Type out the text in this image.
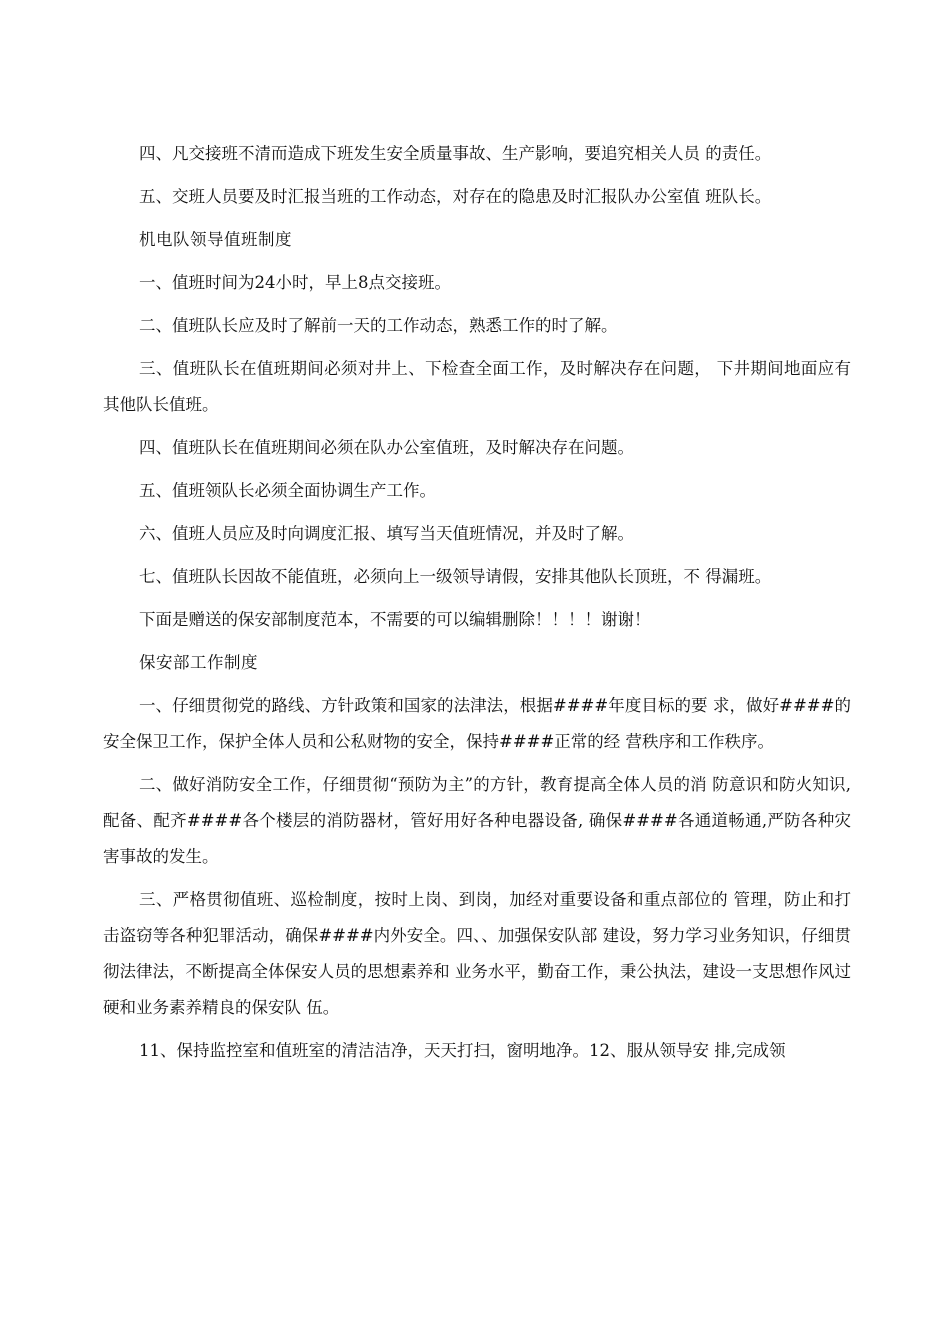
四、凡交接班不清而造成下班发生安全质量事故、生产影响，要追究相关人员 的责任。

五、交班人员要及时汇报当班的工作动态，对存在的隐患及时汇报队办公室值 班队长。

机电队领导值班制度

一、值班时间为24小时，早上8点交接班。

二、值班队长应及时了解前一天的工作动态，熟悉工作的时了解。

三、值班队长在值班期间必须对井上、下检查全面工作，及时解决存在问题， 下井期间地面应有其他队长值班。

四、值班队长在值班期间必须在队办公室值班，及时解决存在问题。

五、值班领队长必须全面协调生产工作。

六、值班人员应及时向调度汇报、填写当天值班情况，并及时了解。

七、值班队长因故不能值班，必须向上一级领导请假，安排其他队长顶班，不 得漏班。

下面是赠送的保安部制度范本，不需要的可以编辑删除！！！！谢谢！

保安部工作制度

一、仔细贯彻党的路线、方针政策和国家的法津法，根据####年度目标的要 求，做好####的安全保卫工作，保护全体人员和公私财物的安全，保持####正常的经 营秩序和工作秩序。

二、做好消防安全工作，仔细贯彻“预防为主”的方针，教育提高全体人员的消 防意识和防火知识,配备、配齐####各个楼层的消防器材，管好用好各种电器设备, 确保####各通道畅通,严防各种灾害事故的发生。

三、严格贯彻值班、巡检制度，按时上岗、到岗，加经对重要设备和重点部位的 管理，防止和打击盗窃等各种犯罪活动，确保####内外安全。四、、加强保安队部 建设，努力学习业务知识，仔细贯彻法律法，不断提高全体保安人员的思想素养和 业务水平，勤奋工作，秉公执法，建设一支思想作风过硬和业务素养精良的保安队 伍。

11、保持监控室和值班室的清洁洁净，天天打扫，窗明地净。12、服从领导安 排,完成领
